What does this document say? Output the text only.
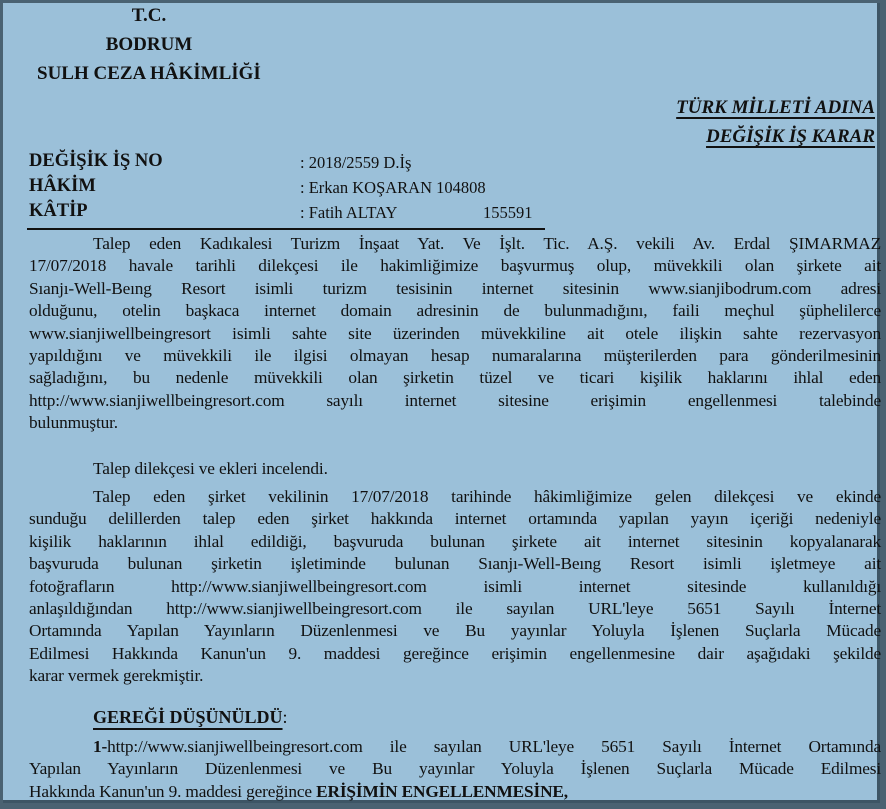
T.C.
BODRUM
SULH CEZA HÂKİMLİĞİ
TÜRK MİLLETİ ADINA
DEĞİŞİK İŞ KARAR
DEĞİŞİK İŞ NO	: 2018/2559 D.İş
HÂKİM	: Erkan KOŞARAN 104808
KÂTİP	: Fatih ALTAY	155591
Talep eden Kadıkalesi Turizm İnşaat Yat. Ve İşlt. Tic. A.Ş. vekili Av. Erdal ŞIMARMAZ
17/07/2018 havale tarihli dilekçesi ile hakimliğimize başvurmuş olup, müvekkili olan şirkete ait
Sıanjı-Well-Beıng Resort isimli turizm tesisinin internet sitesinin www.sianjibodrum.com adresi
olduğunu, otelin başkaca internet domain adresinin de bulunmadığını, faili meçhul şüphelilerce
www.sianjiwellbeingresort isimli sahte site üzerinden müvekkiline ait otele ilişkin sahte rezervasyon
yapıldığını ve müvekkili ile ilgisi olmayan hesap numaralarına müşterilerden para gönderilmesinin
sağladığını, bu nedenle müvekkili olan şirketin tüzel ve ticari kişilik haklarını ihlal eden
http://www.sianjiwellbeingresort.com sayılı internet sitesine erişimin engellenmesi talebinde
bulunmuştur.
Talep dilekçesi ve ekleri incelendi.
Talep eden şirket vekilinin 17/07/2018 tarihinde hâkimliğimize gelen dilekçesi ve ekinde
sunduğu delillerden talep eden şirket hakkında internet ortamında yapılan yayın içeriği nedeniyle
kişilik haklarının ihlal edildiği, başvuruda bulunan şirkete ait internet sitesinin kopyalanarak
başvuruda bulunan şirketin işletiminde bulunan Sıanjı-Well-Beıng Resort isimli işletmeye ait
fotoğrafların http://www.sianjiwellbeingresort.com isimli internet sitesinde kullanıldığı
anlaşıldığından http://www.sianjiwellbeingresort.com ile sayılan URL'leye 5651 Sayılı İnternet
Ortamında Yapılan Yayınların Düzenlenmesi ve Bu yayınlar Yoluyla İşlenen Suçlarla Mücade
Edilmesi Hakkında Kanun'un 9. maddesi gereğince erişimin engellenmesine dair aşağıdaki şekilde
karar vermek gerekmiştir.
GEREĞİ DÜŞÜNÜLDÜ:
1-http://www.sianjiwellbeingresort.com ile sayılan URL'leye 5651 Sayılı İnternet Ortamında
Yapılan Yayınların Düzenlenmesi ve Bu yayınlar Yoluyla İşlenen Suçlarla Mücade Edilmesi
Hakkında Kanun'un 9. maddesi gereğince ERİŞİMİN ENGELLENMESİNE,
